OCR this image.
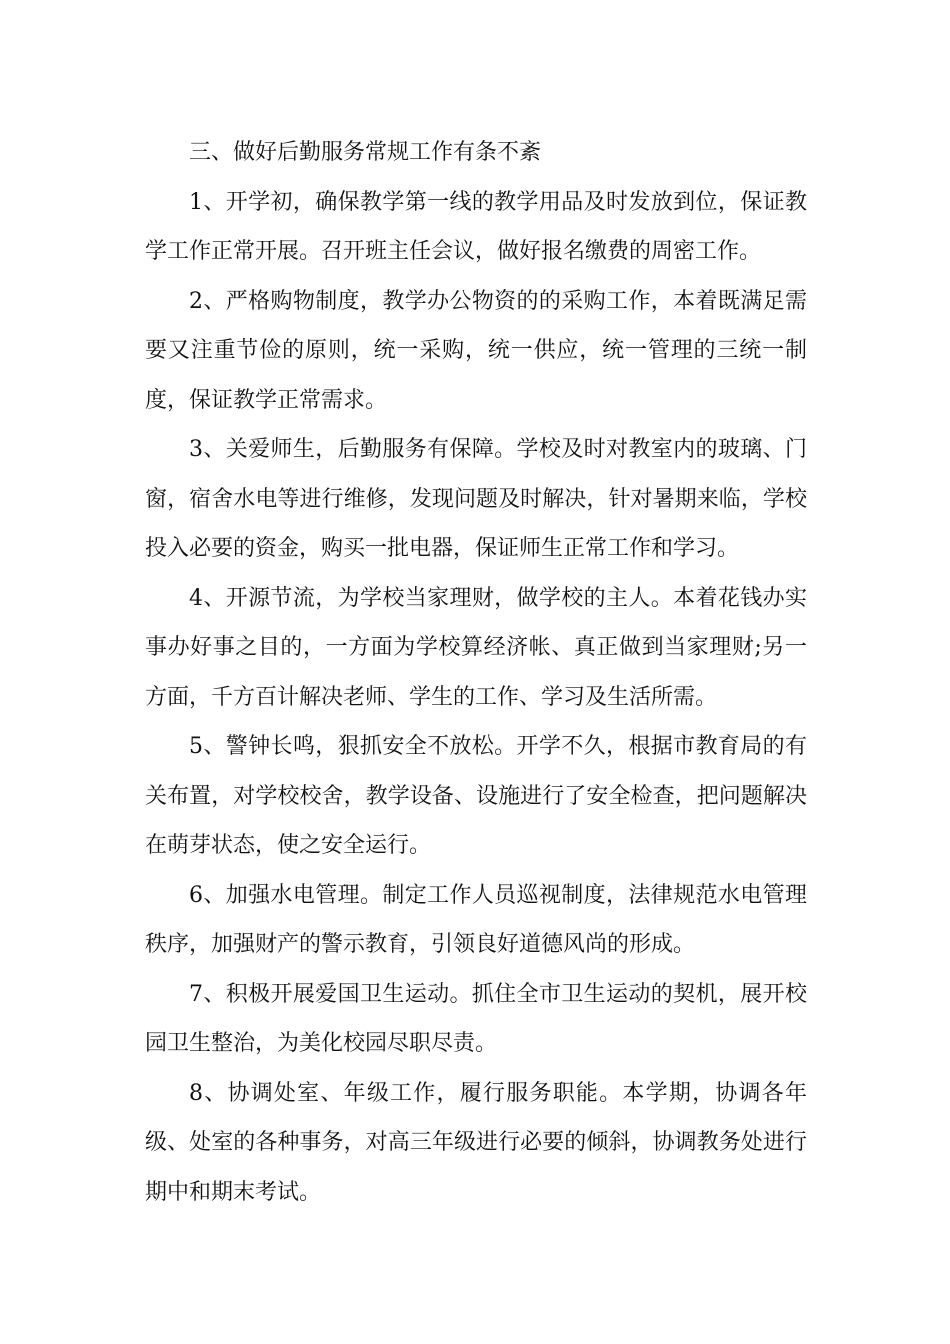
三、做好后勤服务常规工作有条不紊

1、开学初，确保教学第一线的教学用品及时发放到位，保证教学工作正常开展。召开班主任会议，做好报名缴费的周密工作。

2、严格购物制度，教学办公物资的的采购工作，本着既满足需要又注重节俭的原则，统一采购，统一供应，统一管理的三统一制度，保证教学正常需求。

3、关爱师生，后勤服务有保障。学校及时对教室内的玻璃、门窗，宿舍水电等进行维修，发现问题及时解决，针对暑期来临，学校投入必要的资金，购买一批电器，保证师生正常工作和学习。

4、开源节流，为学校当家理财，做学校的主人。本着花钱办实事办好事之目的，一方面为学校算经济帐、真正做到当家理财;另一方面，千方百计解决老师、学生的工作、学习及生活所需。

5、警钟长鸣，狠抓安全不放松。开学不久，根据市教育局的有关布置，对学校校舍，教学设备、设施进行了安全检查，把问题解决在萌芽状态，使之安全运行。

6、加强水电管理。制定工作人员巡视制度，法律规范水电管理秩序，加强财产的警示教育，引领良好道德风尚的形成。

7、积极开展爱国卫生运动。抓住全市卫生运动的契机，展开校园卫生整治，为美化校园尽职尽责。

8、协调处室、年级工作，履行服务职能。本学期，协调各年级、处室的各种事务，对高三年级进行必要的倾斜，协调教务处进行期中和期末考试。
